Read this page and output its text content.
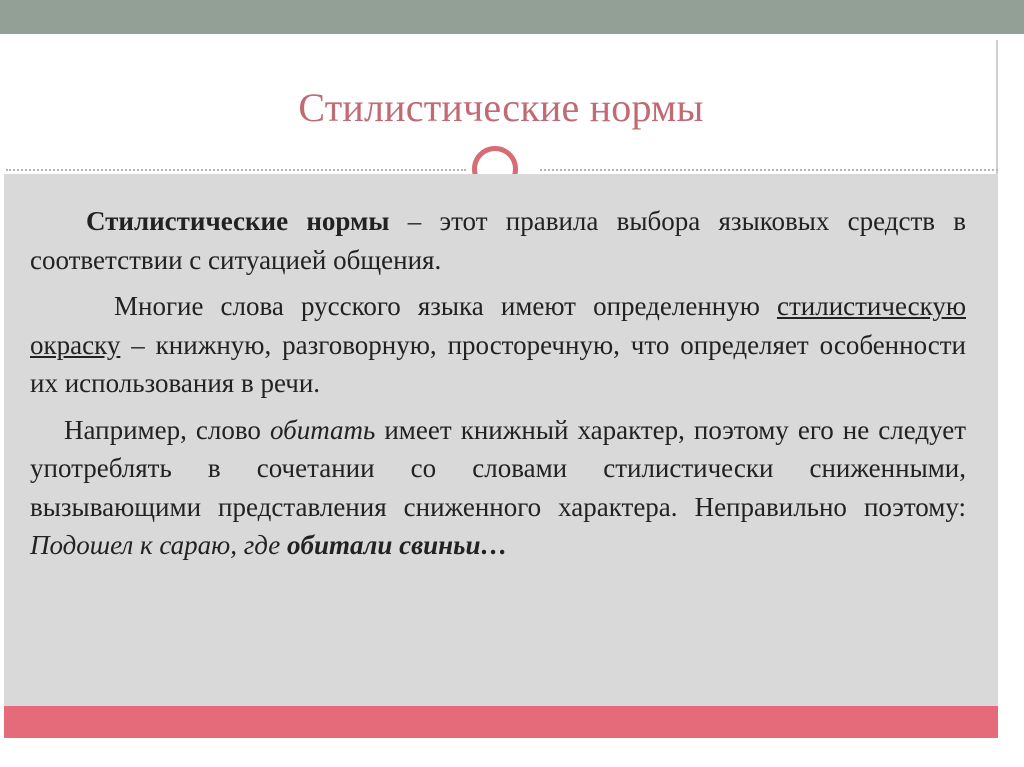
Стилистические нормы

Стилистические нормы – этот правила выбора языковых средств в соответствии с ситуацией общения.

Многие слова русского языка имеют определенную стилистическую окраску – книжную, разговорную, просторечную, что определяет особенности их использования в речи.

Например, слово обитать имеет книжный характер, поэтому его не следует употреблять в сочетании со словами стилистически сниженными, вызывающими представления сниженного характера. Неправильно поэтому: Подошел к сараю, где обитали свиньи…
